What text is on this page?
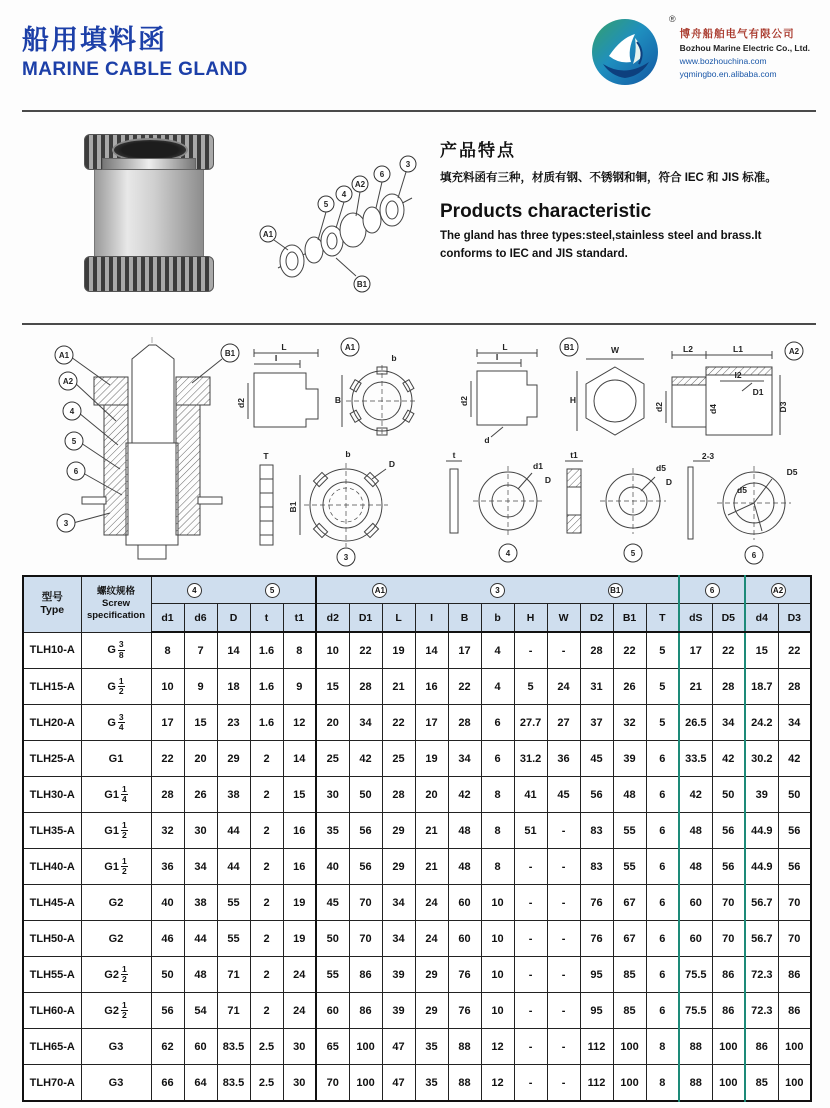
船用填料函
MARINE CABLE GLAND
®
博舟船舶电气有限公司
Bozhou Marine Electric Co., Ltd.
www.bozhouchina.com
yqmingbo.en.alibaba.com
3
6
A2
4
5
A1
B1
产品特点
填充料函有三种，材质有钢、不锈钢和铜，符合 IEC 和 JIS 标准。
Products characteristic
The gland has three types:steel,stainless steel and brass.It conforms to IEC and JIS standard.
A1
A2
4
5
6
3
B1
A1
L
I
d2
b
B
T	b
D
B1
3
B1
L
I
d2
d
W
H
t
d1
D
4
t1
d5
D
5
A2
L2	L1
I2
d2
D1
d4	D3
2-3
d5
D5
6
型号
Type

螺纹规格
Screw
specification

4	5	A1	3	B1	6	A2

		d1	d6	D	t	t1	d2	D1	L	I	B	b	H	W	D2	B1	T	dS	D5	d4	D3
TLH10-A	G $\frac{3}{8}$	8	7	14	1.6	8	10	22	19	14	17	4	-	-	28	22	5	17	22	15	22
TLH15-A	G $\frac{1}{2}$	10	9	18	1.6	9	15	28	21	16	22	4	5	24	31	26	5	21	28	18.7	28
TLH20-A	G $\frac{3}{4}$	17	15	23	1.6	12	20	34	22	17	28	6	27.7	27	37	32	5	26.5	34	24.2	34
TLH25-A	G1	22	20	29	2	14	25	42	25	19	34	6	31.2	36	45	39	6	33.5	42	30.2	42
TLH30-A	$G1 \frac{1}{4}$	28	26	38	2	15	30	50	28	20	42	8	41	45	56	48	6	42	50	39	50
TLH35-A	$G1 \frac{1}{2}$	32	30	44	2	16	35	56	29	21	48	8	51	-	83	55	6	48	56	44.9	56
TLH40-A	$G1 \frac{1}{2}$	36	34	44	2	16	40	56	29	21	48	8	-	-	83	55	6	48	56	44.9	56
TLH45-A	G2	40	38	55	2	19	45	70	34	24	60	10	-	-	76	67	6	60	70	56.7	70
TLH50-A	G2	46	44	55	2	19	50	70	34	24	60	10	-	-	76	67	6	60	70	56.7	70
TLH55-A	$G2 \frac{1}{2}$	50	48	71	2	24	55	86	39	29	76	10	-	-	95	85	6	75.5	86	72.3	86
TLH60-A	$G2 \frac{1}{2}$	56	54	71	2	24	60	86	39	29	76	10	-	-	95	85	6	75.5	86	72.3	86
TLH65-A	G3	62	60	83.5	2.5	30	65	100	47	35	88	12	-	-	112	100	8	88	100	86	100
TLH70-A	G3	66	64	83.5	2.5	30	70	100	47	35	88	12	-	-	112	100	8	88	100	85	100
